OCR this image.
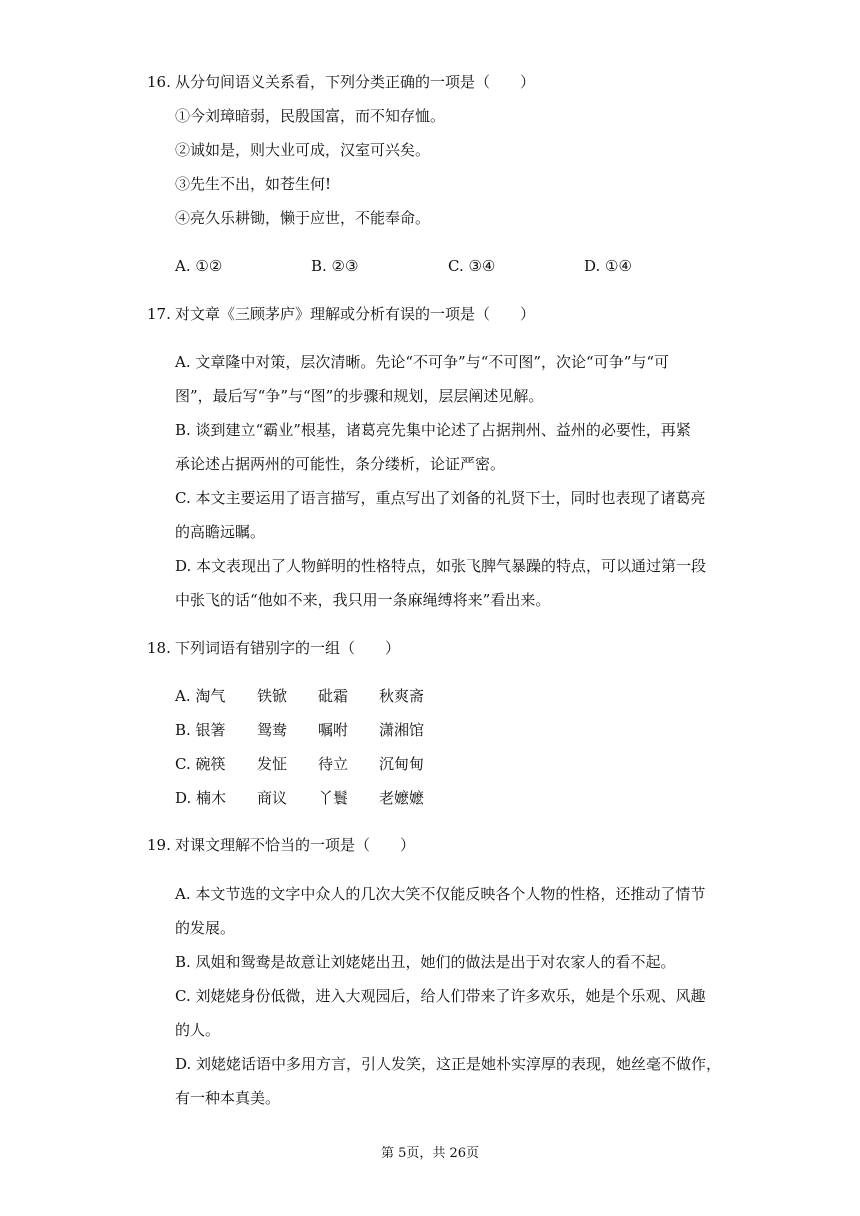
16. 从分句间语义关系看，下列分类正确的一项是（　　）
①今刘璋暗弱，民殷国富，而不知存恤。
②诚如是，则大业可成，汉室可兴矣。
③先生不出，如苍生何!
④亮久乐耕锄，懒于应世，不能奉命。
A. ①②	B. ②③	C. ③④	D. ①④
17. 对文章《三顾茅庐》理解或分析有误的一项是（　　）
A. 文章隆中对策，层次清晰。先论“不可争”与“不可图”，次论“可争”与“可
图”，最后写“争”与“图”的步骤和规划，层层阐述见解。
B. 谈到建立“霸业”根基，诸葛亮先集中论述了占据荆州、益州的必要性，再紧
承论述占据两州的可能性，条分缕析，论证严密。
C. 本文主要运用了语言描写，重点写出了刘备的礼贤下士，同时也表现了诸葛亮
的高瞻远瞩。
D. 本文表现出了人物鲜明的性格特点，如张飞脾气暴躁的特点，可以通过第一段
中张飞的话“他如不来，我只用一条麻绳缚将来”看出来。
18. 下列词语有错别字的一组（　　）
A. 淘气 铁锨 砒霜 秋爽斋
B. 银箸 鸳鸯 嘱咐 潇湘馆
C. 碗筷 发怔 待立 沉甸甸
D. 楠木 商议 丫鬟 老嬷嬷
19. 对课文理解不恰当的一项是（　　）
A. 本文节选的文字中众人的几次大笑不仅能反映各个人物的性格，还推动了情节
的发展。
B. 凤姐和鸳鸯是故意让刘姥姥出丑，她们的做法是出于对农家人的看不起。
C. 刘姥姥身份低微，进入大观园后，给人们带来了许多欢乐，她是个乐观、风趣
的人。
D. 刘姥姥话语中多用方言，引人发笑，这正是她朴实淳厚的表现，她丝毫不做作，
有一种本真美。
第 5页，共 26页
